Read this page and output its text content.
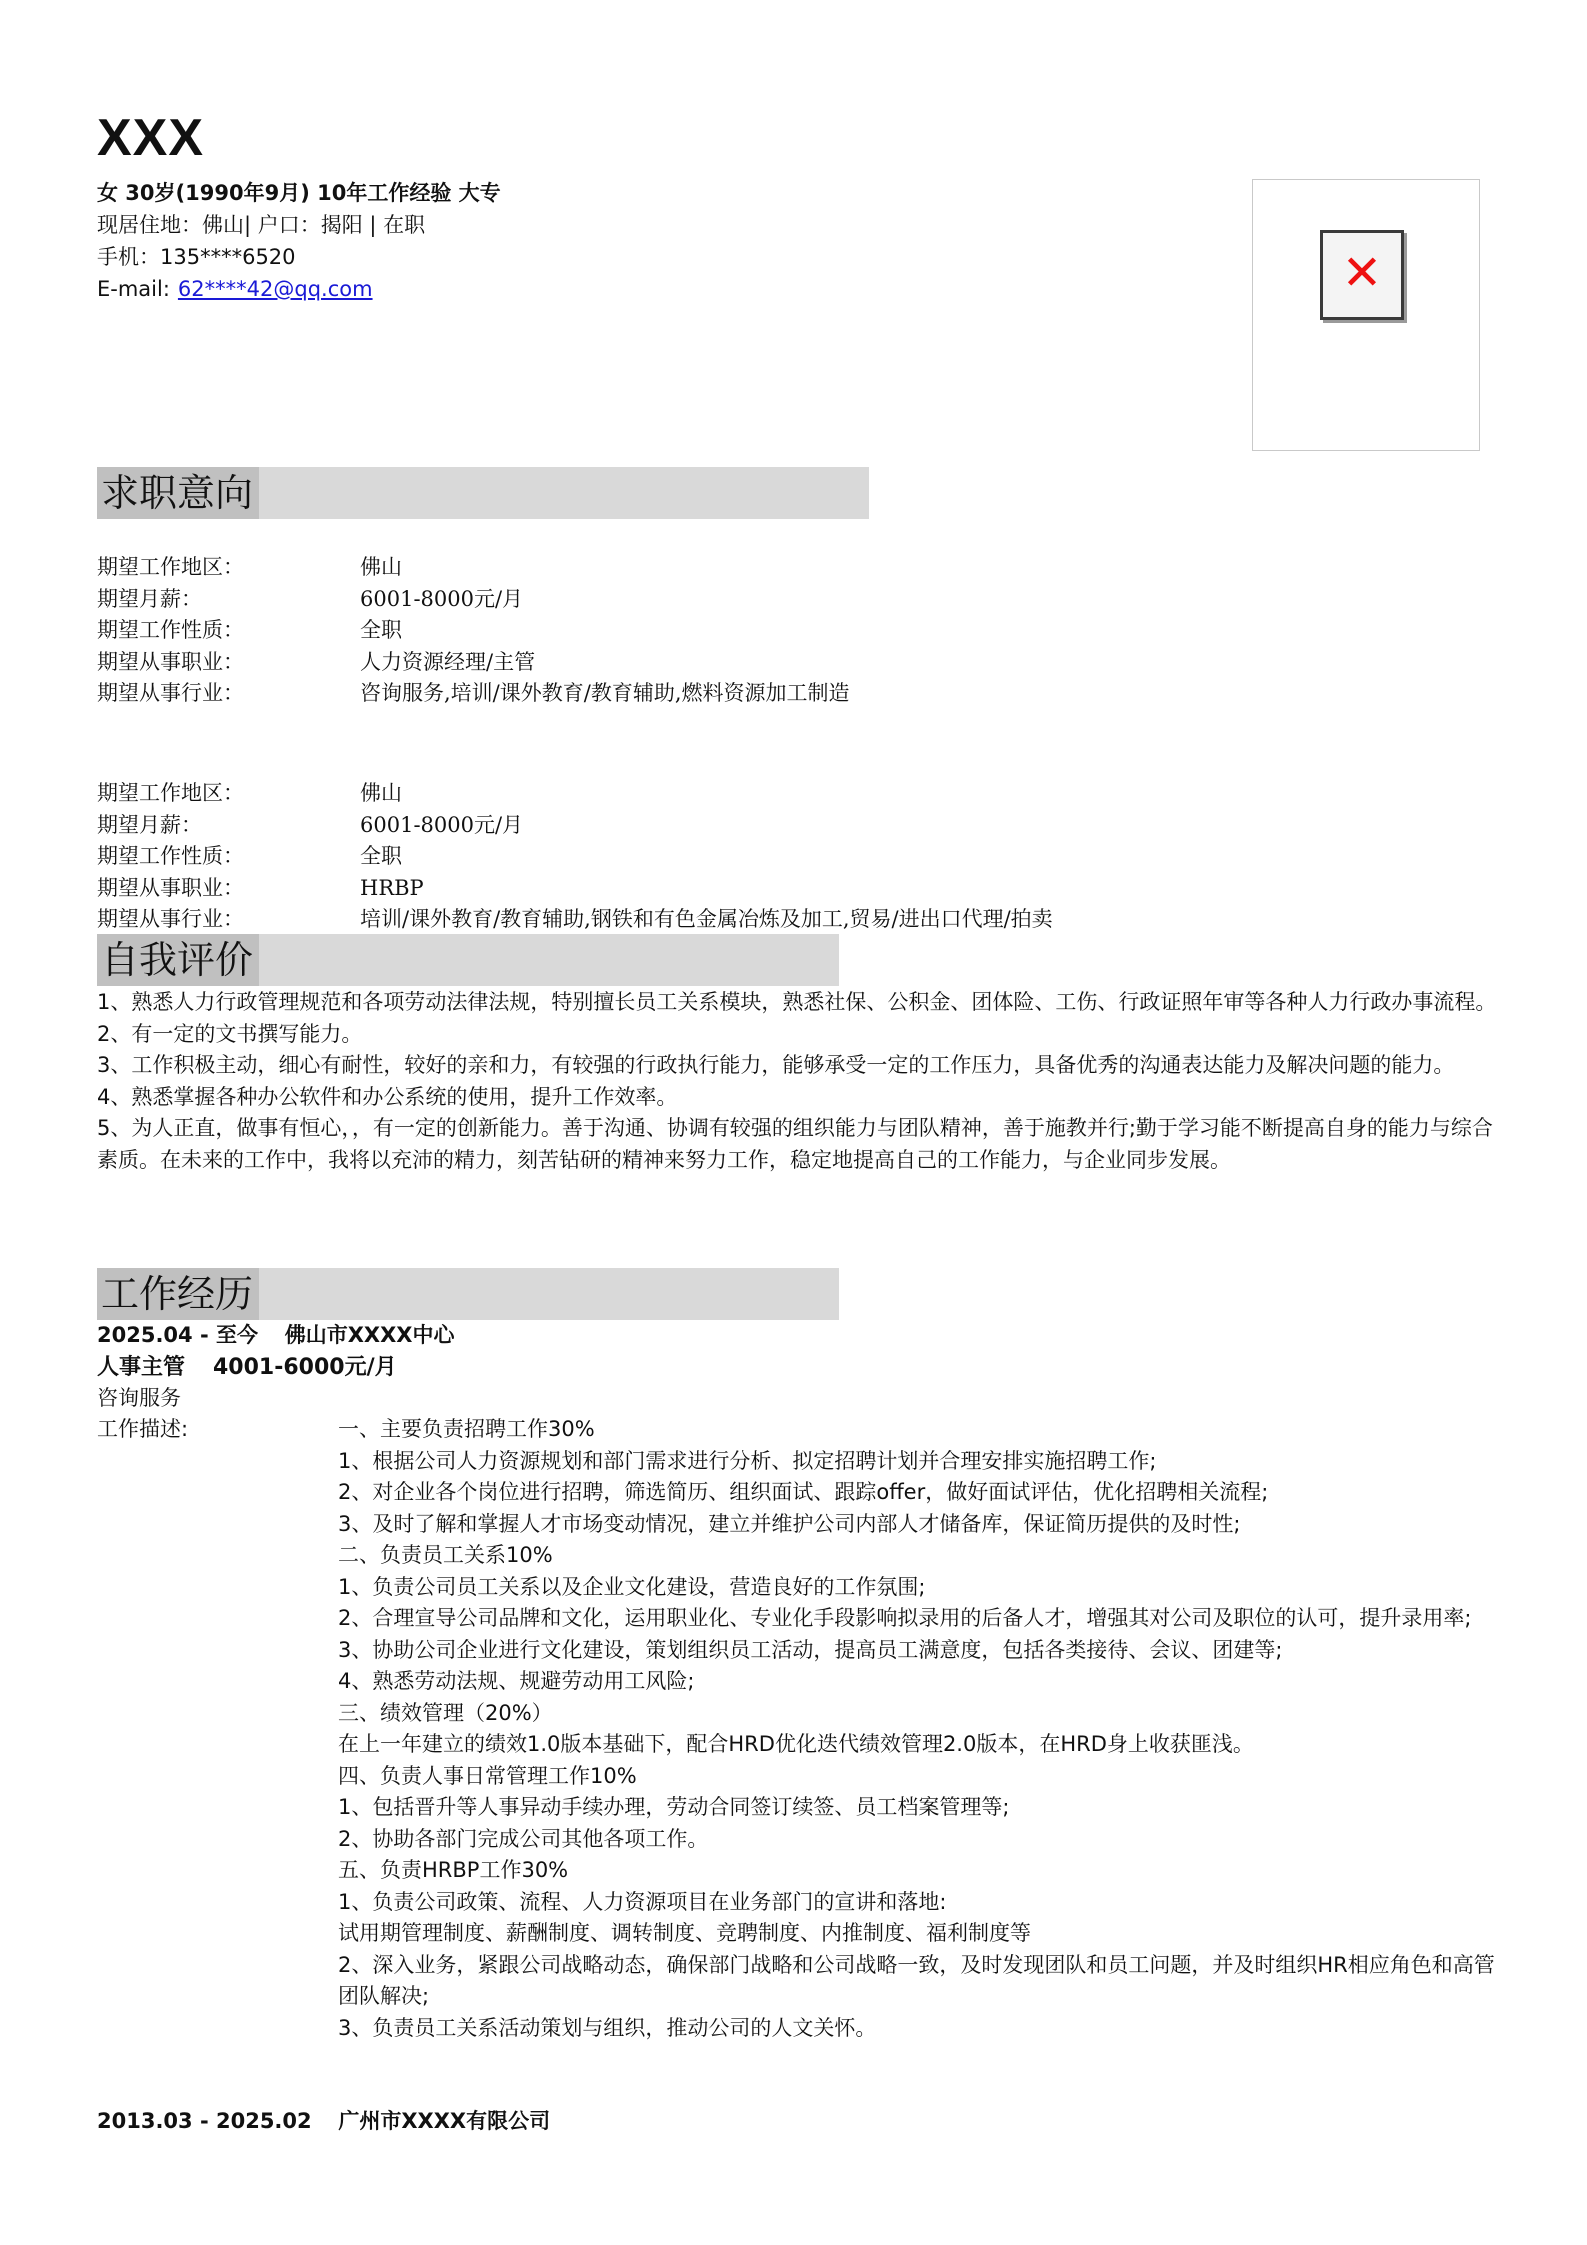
XXX
女 30岁(1990年9月) 10年工作经验 大专
现居住地：佛山| 户口：揭阳 | 在职
手机：135****6520
E-mail: 62****42@qq.com	✕
求职意向
期望工作地区：	佛山
期望月薪：	6001-8000元/月
期望工作性质：	全职
期望从事职业：	人力资源经理/主管
期望从事行业：	咨询服务,培训/课外教育/教育辅助,燃料资源加工制造
期望工作地区：	佛山
期望月薪：	6001-8000元/月
期望工作性质：	全职
期望从事职业：	HRBP
期望从事行业：	培训/课外教育/教育辅助,钢铁和有色金属冶炼及加工,贸易/进出口代理/拍卖
自我评价
1、熟悉人力行政管理规范和各项劳动法律法规，特别擅长员工关系模块，熟悉社保、公积金、团体险、工伤、行政证照年审等各种人力行政办事流程。
2、有一定的文书撰写能力。
3、工作积极主动，细心有耐性，较好的亲和力，有较强的行政执行能力，能够承受一定的工作压力，具备优秀的沟通表达能力及解决问题的能力。
4、熟悉掌握各种办公软件和办公系统的使用，提升工作效率。
5、为人正直，做事有恒心，，有一定的创新能力。善于沟通、协调有较强的组织能力与团队精神，善于施教并行;勤于学习能不断提高自身的能力与综合素质。在未来的工作中，我将以充沛的精力，刻苦钻研的精神来努力工作，稳定地提高自己的工作能力，与企业同步发展。
工作经历
2025.04 - 至今 佛山市XXXX中心
人事主管 4001-6000元/月
咨询服务
工作描述:	一、主要负责招聘工作30%
1、根据公司人力资源规划和部门需求进行分析、拟定招聘计划并合理安排实施招聘工作;
2、对企业各个岗位进行招聘，筛选简历、组织面试、跟踪offer，做好面试评估，优化招聘相关流程;
3、及时了解和掌握人才市场变动情况，建立并维护公司内部人才储备库，保证简历提供的及时性;
二、负责员工关系10%
1、负责公司员工关系以及企业文化建设，营造良好的工作氛围;
2、合理宣导公司品牌和文化，运用职业化、专业化手段影响拟录用的后备人才，增强其对公司及职位的认可，提升录用率;
3、协助公司企业进行文化建设，策划组织员工活动，提高员工满意度，包括各类接待、会议、团建等;
4、熟悉劳动法规、规避劳动用工风险;
三、绩效管理（20%）
在上一年建立的绩效1.0版本基础下，配合HRD优化迭代绩效管理2.0版本，在HRD身上收获匪浅。
四、负责人事日常管理工作10%
1、包括晋升等人事异动手续办理，劳动合同签订续签、员工档案管理等;
2、协助各部门完成公司其他各项工作。
五、负责HRBP工作30%
1、负责公司政策、流程、人力资源项目在业务部门的宣讲和落地:
试用期管理制度、薪酬制度、调转制度、竞聘制度、内推制度、福利制度等
2、深入业务，紧跟公司战略动态，确保部门战略和公司战略一致，及时发现团队和员工问题，并及时组织HR相应角色和高管团队解决;
3、负责员工关系活动策划与组织，推动公司的人文关怀。
2013.03 - 2025.02 广州市XXXX有限公司
